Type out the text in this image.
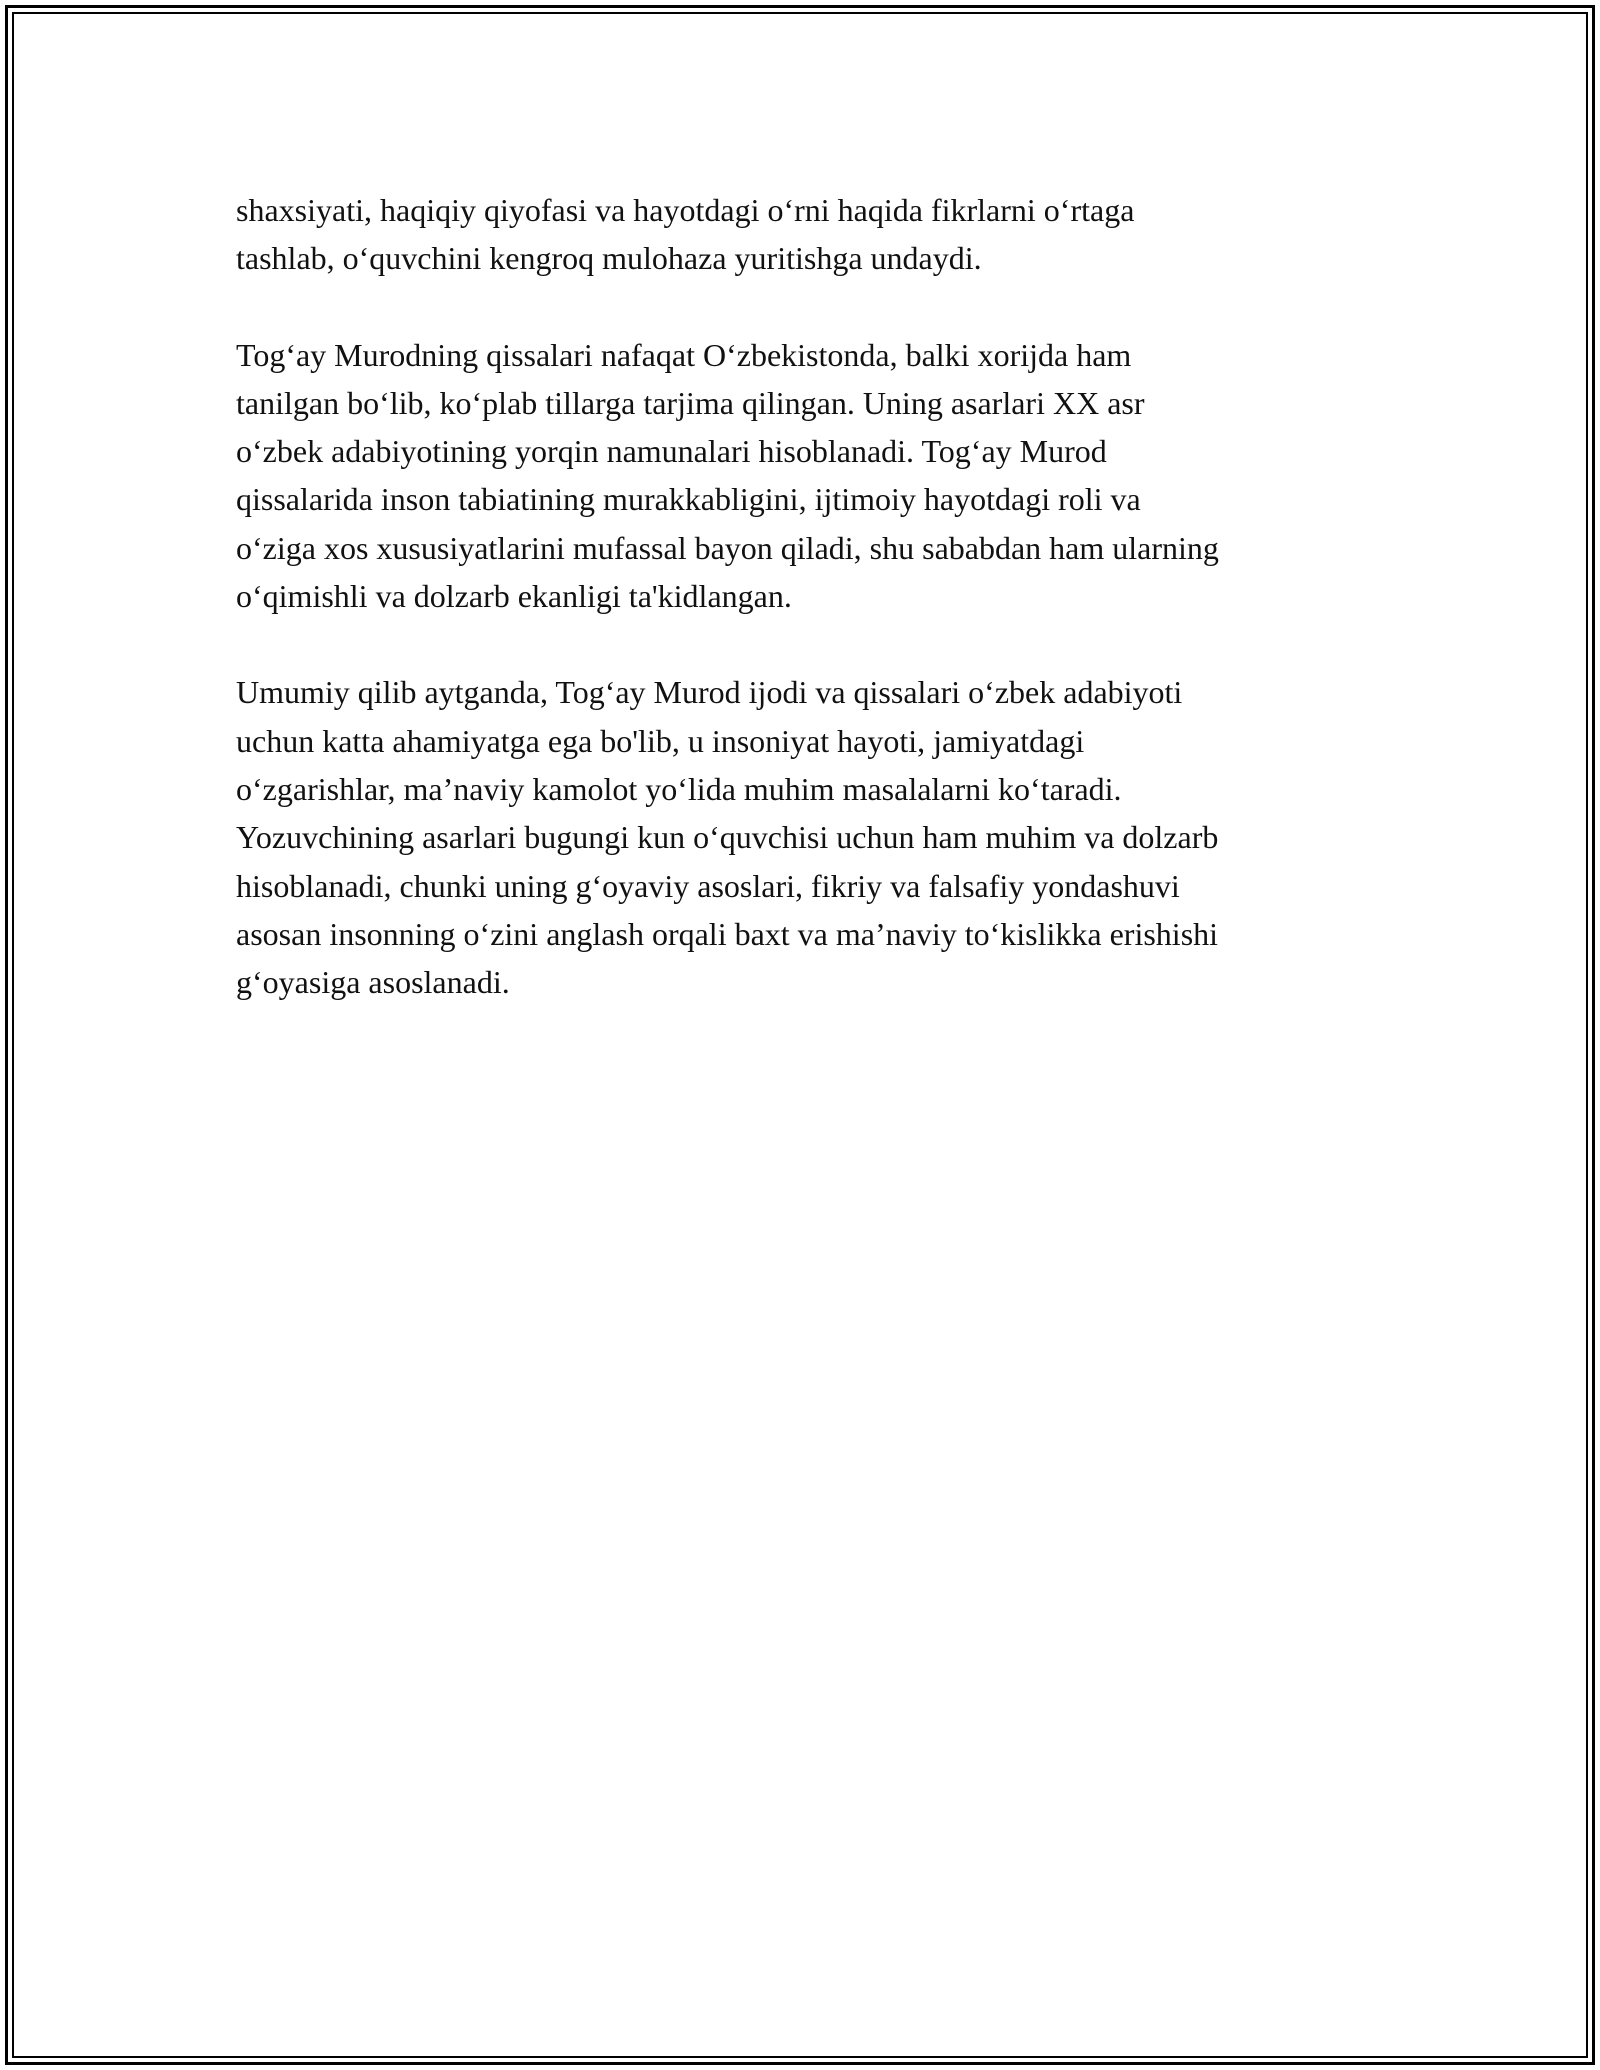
shaxsiyati, haqiqiy qiyofasi va hayotdagi o‘rni haqida fikrlarni o‘rtaga
tashlab, o‘quvchini kengroq mulohaza yuritishga undaydi.

Tog‘ay Murodning qissalari nafaqat O‘zbekistonda, balki xorijda ham
tanilgan bo‘lib, ko‘plab tillarga tarjima qilingan. Uning asarlari XX asr
o‘zbek adabiyotining yorqin namunalari hisoblanadi. Tog‘ay Murod
qissalarida inson tabiatining murakkabligini, ijtimoiy hayotdagi roli va
o‘ziga xos xususiyatlarini mufassal bayon qiladi, shu sababdan ham ularning
o‘qimishli va dolzarb ekanligi ta'kidlangan.

Umumiy qilib aytganda, Tog‘ay Murod ijodi va qissalari o‘zbek adabiyoti
uchun katta ahamiyatga ega bo'lib, u insoniyat hayoti, jamiyatdagi
o‘zgarishlar, ma’naviy kamolot yo‘lida muhim masalalarni ko‘taradi.
Yozuvchining asarlari bugungi kun o‘quvchisi uchun ham muhim va dolzarb
hisoblanadi, chunki uning g‘oyaviy asoslari, fikriy va falsafiy yondashuvi
asosan insonning o‘zini anglash orqali baxt va ma’naviy to‘kislikka erishishi
g‘oyasiga asoslanadi.
